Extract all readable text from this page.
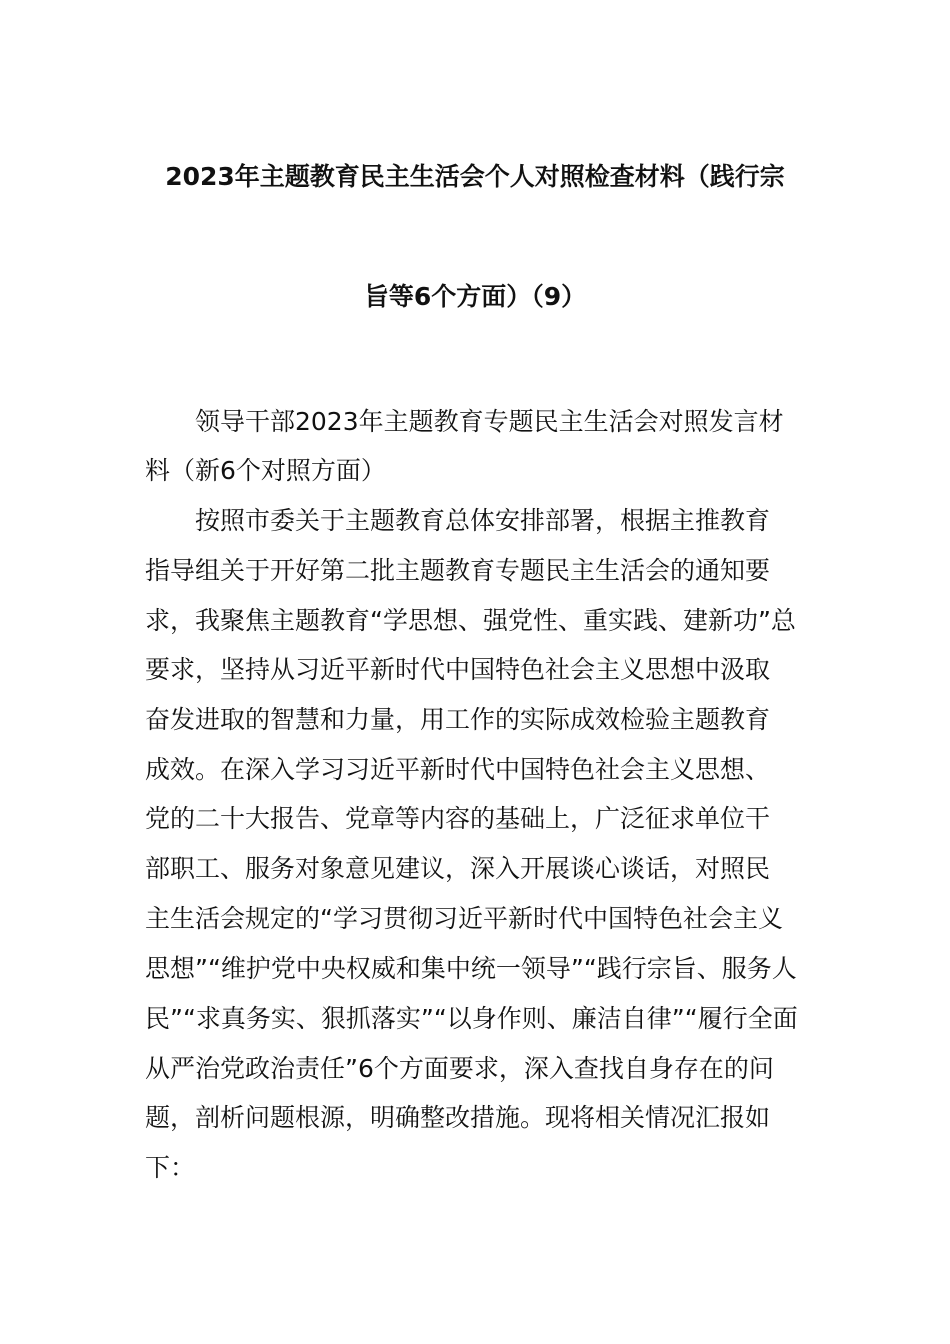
2023年主题教育民主生活会个人对照检查材料（践行宗
旨等6个方面）（9）
领导干部2023年主题教育专题民主生活会对照发言材
料（新6个对照方面）
按照市委关于主题教育总体安排部署，根据主推教育
指导组关于开好第二批主题教育专题民主生活会的通知要
求，我聚焦主题教育“学思想、强党性、重实践、建新功”总
要求，坚持从习近平新时代中国特色社会主义思想中汲取
奋发进取的智慧和力量，用工作的实际成效检验主题教育
成效。在深入学习习近平新时代中国特色社会主义思想、
党的二十大报告、党章等内容的基础上，广泛征求单位干
部职工、服务对象意见建议，深入开展谈心谈话，对照民
主生活会规定的“学习贯彻习近平新时代中国特色社会主义
思想”“维护党中央权威和集中统一领导”“践行宗旨、服务人
民”“求真务实、狠抓落实”“以身作则、廉洁自律”“履行全面
从严治党政治责任”6个方面要求，深入查找自身存在的问
题，剖析问题根源，明确整改措施。现将相关情况汇报如
下：
